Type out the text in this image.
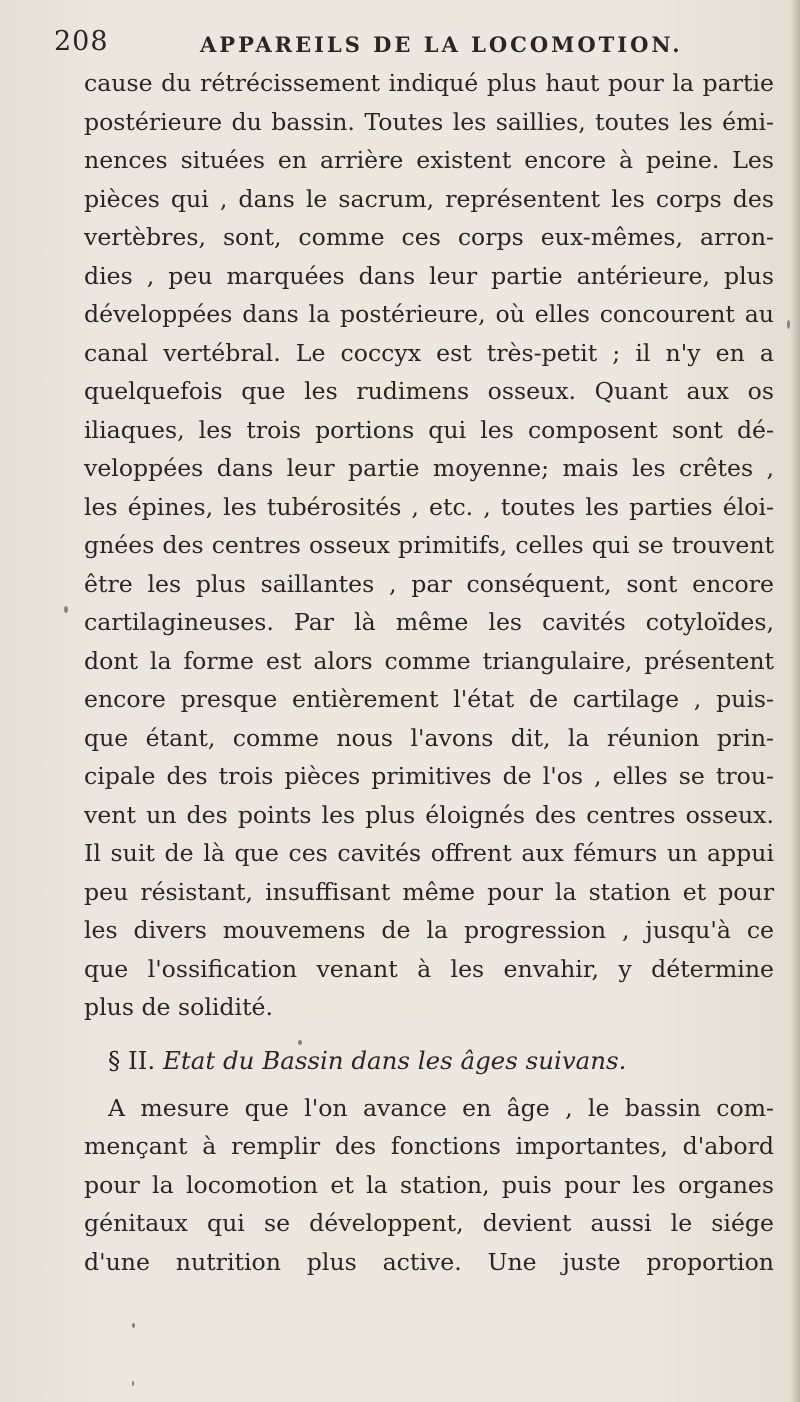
208	APPAREILS DE LA LOCOMOTION.
cause du rétrécissement indiqué plus haut pour la partie
postérieure du bassin. Toutes les saillies, toutes les émi-
nences situées en arrière existent encore à peine. Les
pièces qui , dans le sacrum, représentent les corps des
vertèbres, sont, comme ces corps eux-mêmes, arron-
dies , peu marquées dans leur partie antérieure, plus
développées dans la postérieure, où elles concourent au
canal vertébral. Le coccyx est très-petit ; il n'y en a
quelquefois que les rudimens osseux. Quant aux os
iliaques, les trois portions qui les composent sont dé-
veloppées dans leur partie moyenne; mais les crêtes ,
les épines, les tubérosités , etc. , toutes les parties éloi-
gnées des centres osseux primitifs, celles qui se trouvent
être les plus saillantes , par conséquent, sont encore
cartilagineuses. Par là même les cavités cotyloïdes,
dont la forme est alors comme triangulaire, présentent
encore presque entièrement l'état de cartilage , puis-
que étant, comme nous l'avons dit, la réunion prin-
cipale des trois pièces primitives de l'os , elles se trou-
vent un des points les plus éloignés des centres osseux.
Il suit de là que ces cavités offrent aux fémurs un appui
peu résistant, insuffisant même pour la station et pour
les divers mouvemens de la progression , jusqu'à ce
que l'ossification venant à les envahir, y détermine
plus de solidité.
§ II. Etat du Bassin dans les âges suivans.
A mesure que l'on avance en âge , le bassin com-
mençant à remplir des fonctions importantes, d'abord
pour la locomotion et la station, puis pour les organes
génitaux qui se développent, devient aussi le siége
d'une nutrition plus active. Une juste proportion
